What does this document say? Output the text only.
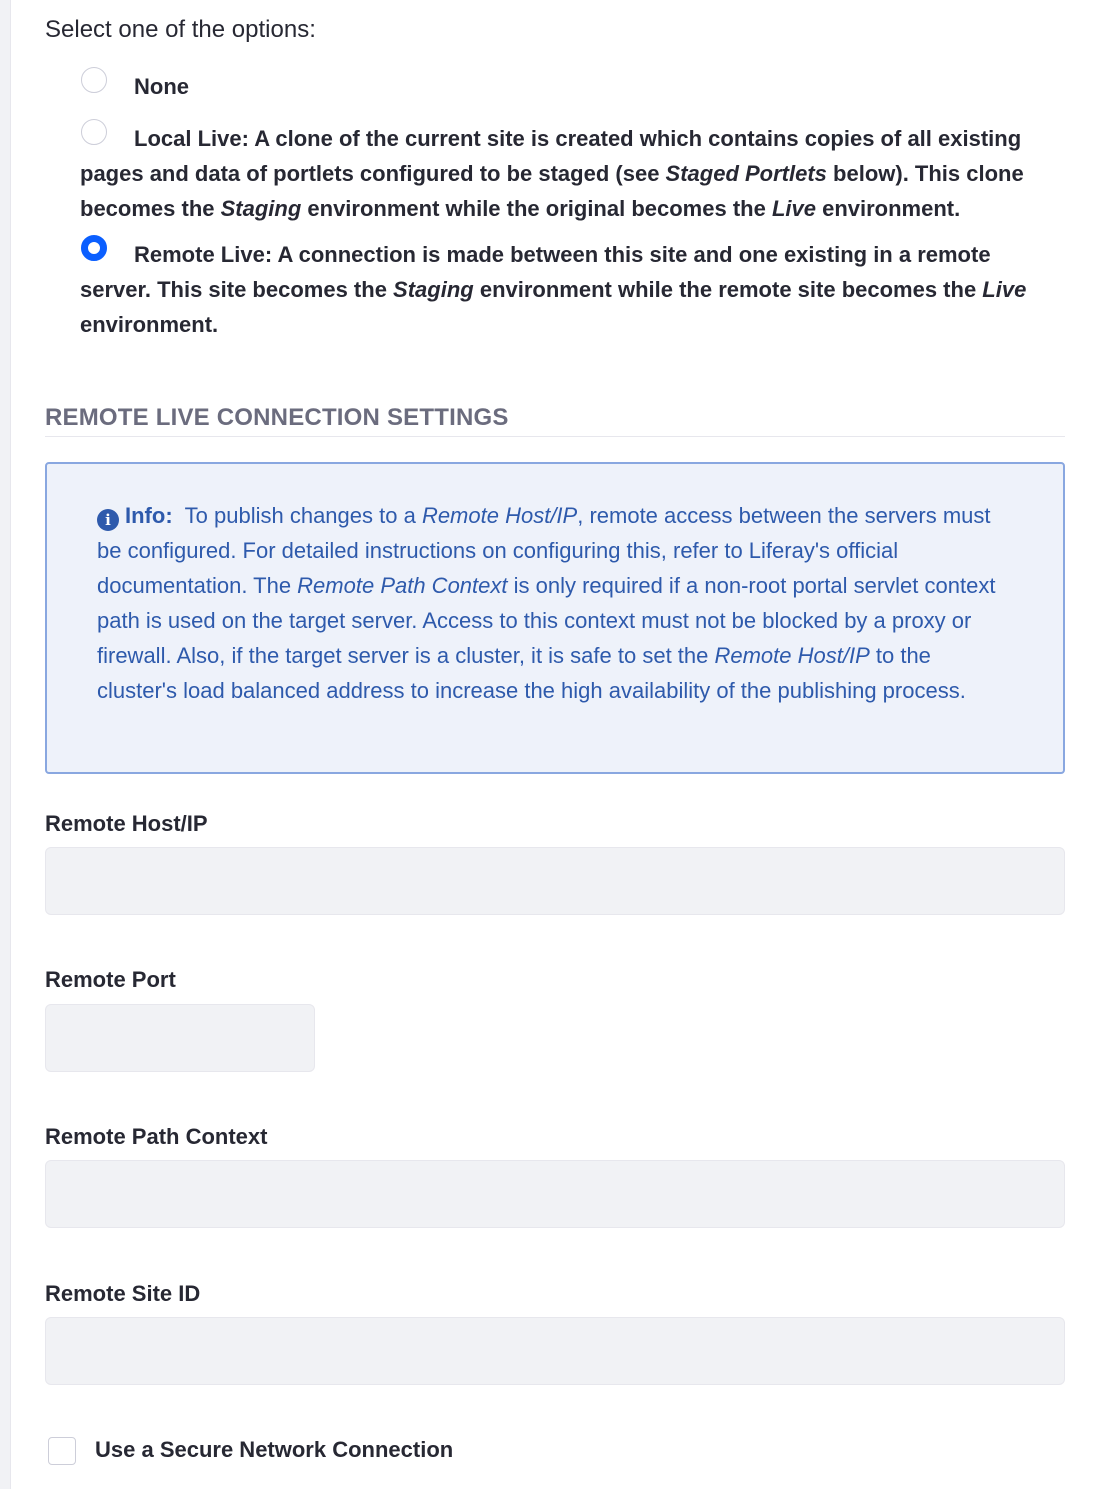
Select one of the options:
None
Local Live: A clone of the current site is created which contains copies of all existing pages and data of portlets configured to be staged (see Staged Portlets below). This clone becomes the Staging environment while the original becomes the Live environment.
Remote Live: A connection is made between this site and one existing in a remote server. This site becomes the Staging environment while the remote site becomes the Live environment.
REMOTE LIVE CONNECTION SETTINGS
i Info: To publish changes to a Remote Host/IP, remote access between the servers must be configured. For detailed instructions on configuring this, refer to Liferay's official documentation. The Remote Path Context is only required if a non-root portal servlet context path is used on the target server. Access to this context must not be blocked by a proxy or firewall. Also, if the target server is a cluster, it is safe to set the Remote Host/IP to the cluster's load balanced address to increase the high availability of the publishing process.
Remote Host/IP
Remote Port
Remote Path Context
Remote Site ID
Use a Secure Network Connection
